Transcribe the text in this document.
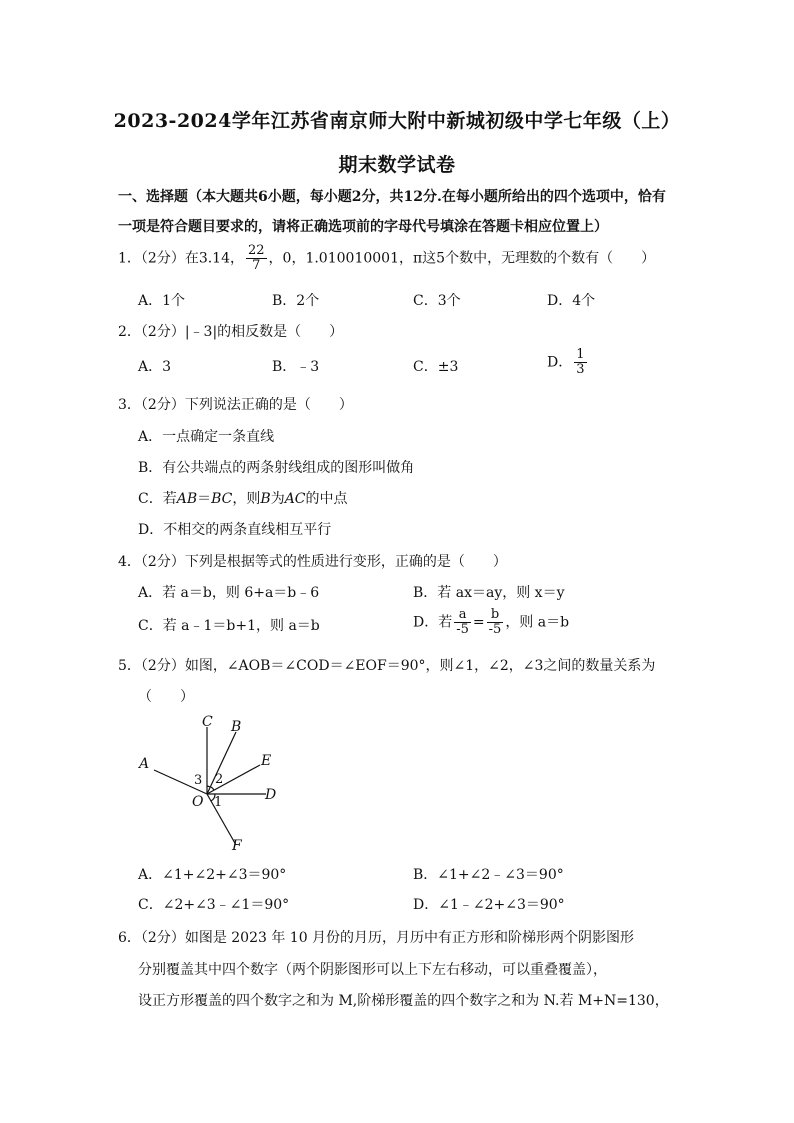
2023-2024学年江苏省南京师大附中新城初级中学七年级（上）
期末数学试卷
一、选择题（本大题共6小题，每小题2分，共12分.在每小题所给出的四个选项中，恰有
一项是符合题目要求的，请将正确选项前的字母代号填涂在答题卡相应位置上）
1．（2分）在3.14， $\frac{22}{7}$ ，0，1.010010001，π这5个数中，无理数的个数有（　　）
A．1个	B．2个	C．3个	D．4个
2．（2分）|﹣3|的相反数是（　　）
A．3	B．﹣3	C．±3	D． $\frac{1}{3}$
3．（2分）下列说法正确的是（　　）
A．一点确定一条直线
B．有公共端点的两条射线组成的图形叫做角
C．若AB＝BC，则B为AC的中点
D．不相交的两条直线相互平行
4．（2分）下列是根据等式的性质进行变形，正确的是（　　）
A．若 a＝b，则 6+a＝b﹣6	B．若 ax＝ay，则 x＝y
C．若 a﹣1＝b+1，则 a＝b	D．若 $\frac{a}{-5} = \frac{b}{-5}$ ，则 a＝b
5．（2分）如图，∠AOB＝∠COD＝∠EOF＝90°，则∠1，∠2，∠3之间的数量关系为
（　　）
C B
A	E
O	D
F
1
2
3
A．∠1+∠2+∠3＝90°	B．∠1+∠2﹣∠3＝90°
C．∠2+∠3﹣∠1＝90°	D．∠1﹣∠2+∠3＝90°
6．（2分）如图是 2023 年 10 月份的月历，月历中有正方形和阶梯形两个阴影图形
分别覆盖其中四个数字（两个阴影图形可以上下左右移动，可以重叠覆盖），
设正方形覆盖的四个数字之和为 M,阶梯形覆盖的四个数字之和为 N.若 M+N=130，
